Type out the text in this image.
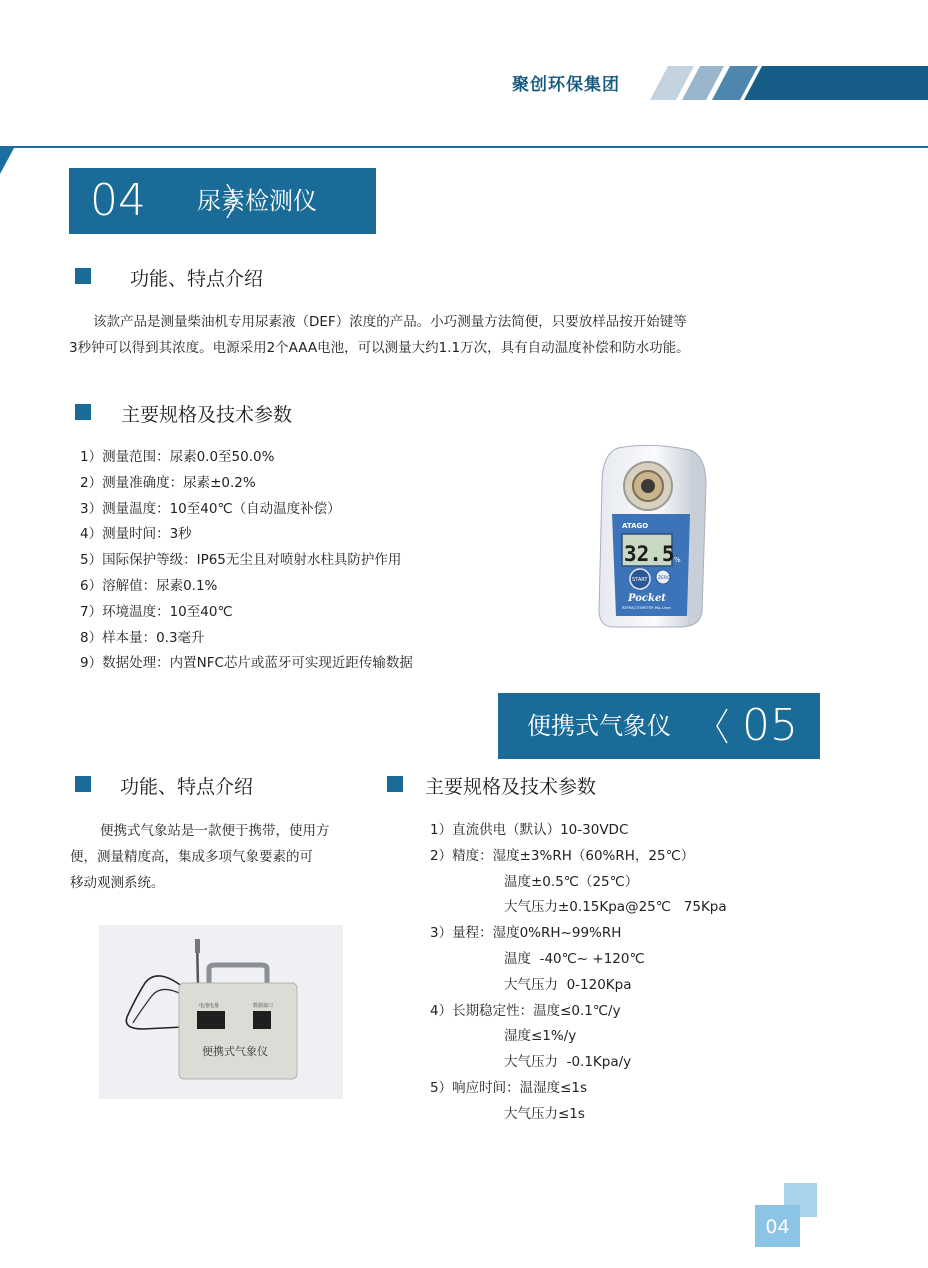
聚创环保集团
04 尿素检测仪
功能、特点介绍
该款产品是测量柴油机专用尿素液（DEF）浓度的产品。小巧测量方法简便，只要放样品按开始键等
3秒钟可以得到其浓度。电源采用2个AAA电池，可以测量大约1.1万次，具有自动温度补偿和防水功能。
主要规格及技术参数
1）测量范围：尿素0.0至50.0%
2）测量准确度：尿素±0.2%
3）测量温度：10至40℃（自动温度补偿）
4）测量时间：3秒
5）国际保护等级：IP65无尘且对喷射水柱具防护作用
6）溶解值：尿素0.1%
7）环境温度：10至40℃
8）样本量：0.3毫升
9）数据处理：内置NFC芯片或蓝牙可实现近距传输数据
ATAGO
32.5 %
START ZERO
Pocket
REFRACTOMETER PAL-Urea
便携式气象仪 05
功能、特点介绍
便携式气象站是一款便于携带，使用方
便，测量精度高，集成多项气象要素的可
移动观测系统。
电池电量	数据接口
便携式气象仪
主要规格及技术参数
1）直流供电（默认）10-30VDC
2）精度：湿度±3%RH（60%RH，25℃）
温度±0.5℃（25℃）
大气压力±0.15Kpa@25℃   75Kpa
3）量程：湿度0%RH~99%RH
温度  -40℃~ +120℃
大气压力  0-120Kpa
4）长期稳定性：温度≤0.1℃/y
湿度≤1%/y
大气压力  -0.1Kpa/y
5）响应时间：温湿度≤1s
大气压力≤1s
04
